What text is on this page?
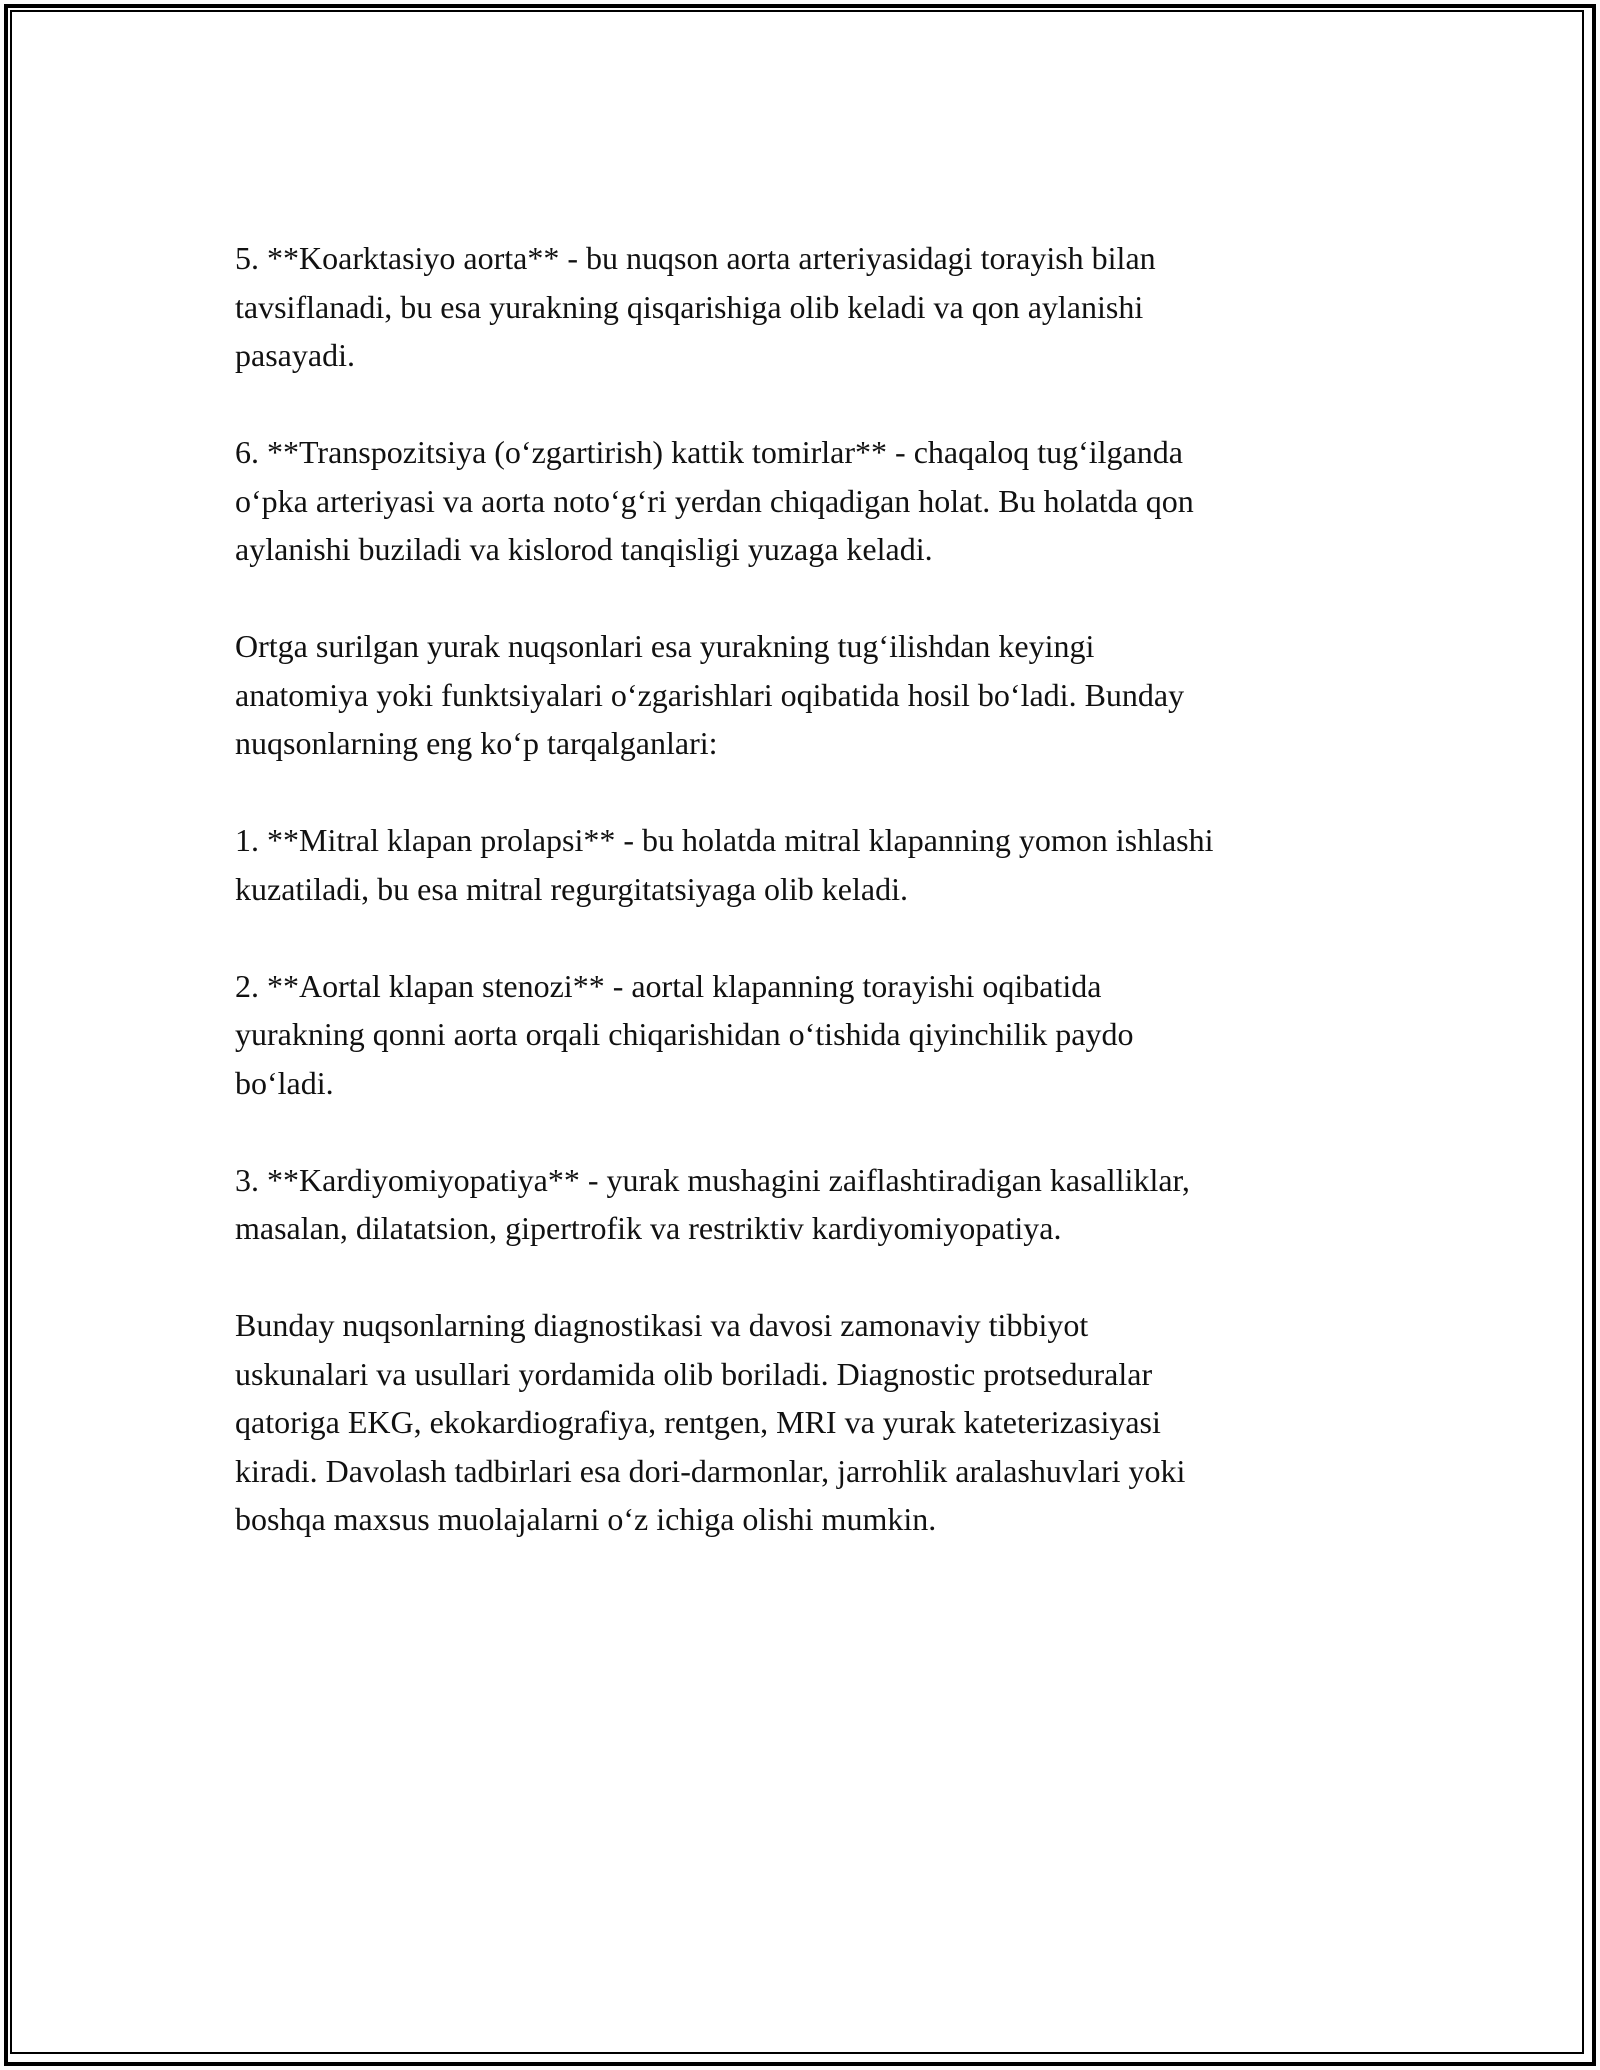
5. **Koarktasiyo aorta** - bu nuqson aorta arteriyasidagi torayish bilan
tavsiflanadi, bu esa yurakning qisqarishiga olib keladi va qon aylanishi
pasayadi.

6. **Transpozitsiya (o‘zgartirish) kattik tomirlar** - chaqaloq tug‘ilganda
o‘pka arteriyasi va aorta noto‘g‘ri yerdan chiqadigan holat. Bu holatda qon
aylanishi buziladi va kislorod tanqisligi yuzaga keladi.

Ortga surilgan yurak nuqsonlari esa yurakning tug‘ilishdan keyingi
anatomiya yoki funktsiyalari o‘zgarishlari oqibatida hosil bo‘ladi. Bunday
nuqsonlarning eng ko‘p tarqalganlari:

1. **Mitral klapan prolapsi** - bu holatda mitral klapanning yomon ishlashi
kuzatiladi, bu esa mitral regurgitatsiyaga olib keladi.

2. **Aortal klapan stenozi** - aortal klapanning torayishi oqibatida
yurakning qonni aorta orqali chiqarishidan o‘tishida qiyinchilik paydo
bo‘ladi.

3. **Kardiyomiyopatiya** - yurak mushagini zaiflashtiradigan kasalliklar,
masalan, dilatatsion, gipertrofik va restriktiv kardiyomiyopatiya.

Bunday nuqsonlarning diagnostikasi va davosi zamonaviy tibbiyot
uskunalari va usullari yordamida olib boriladi. Diagnostic protseduralar
qatoriga EKG, ekokardiografiya, rentgen, MRI va yurak kateterizasiyasi
kiradi. Davolash tadbirlari esa dori-darmonlar, jarrohlik aralashuvlari yoki
boshqa maxsus muolajalarni o‘z ichiga olishi mumkin.
